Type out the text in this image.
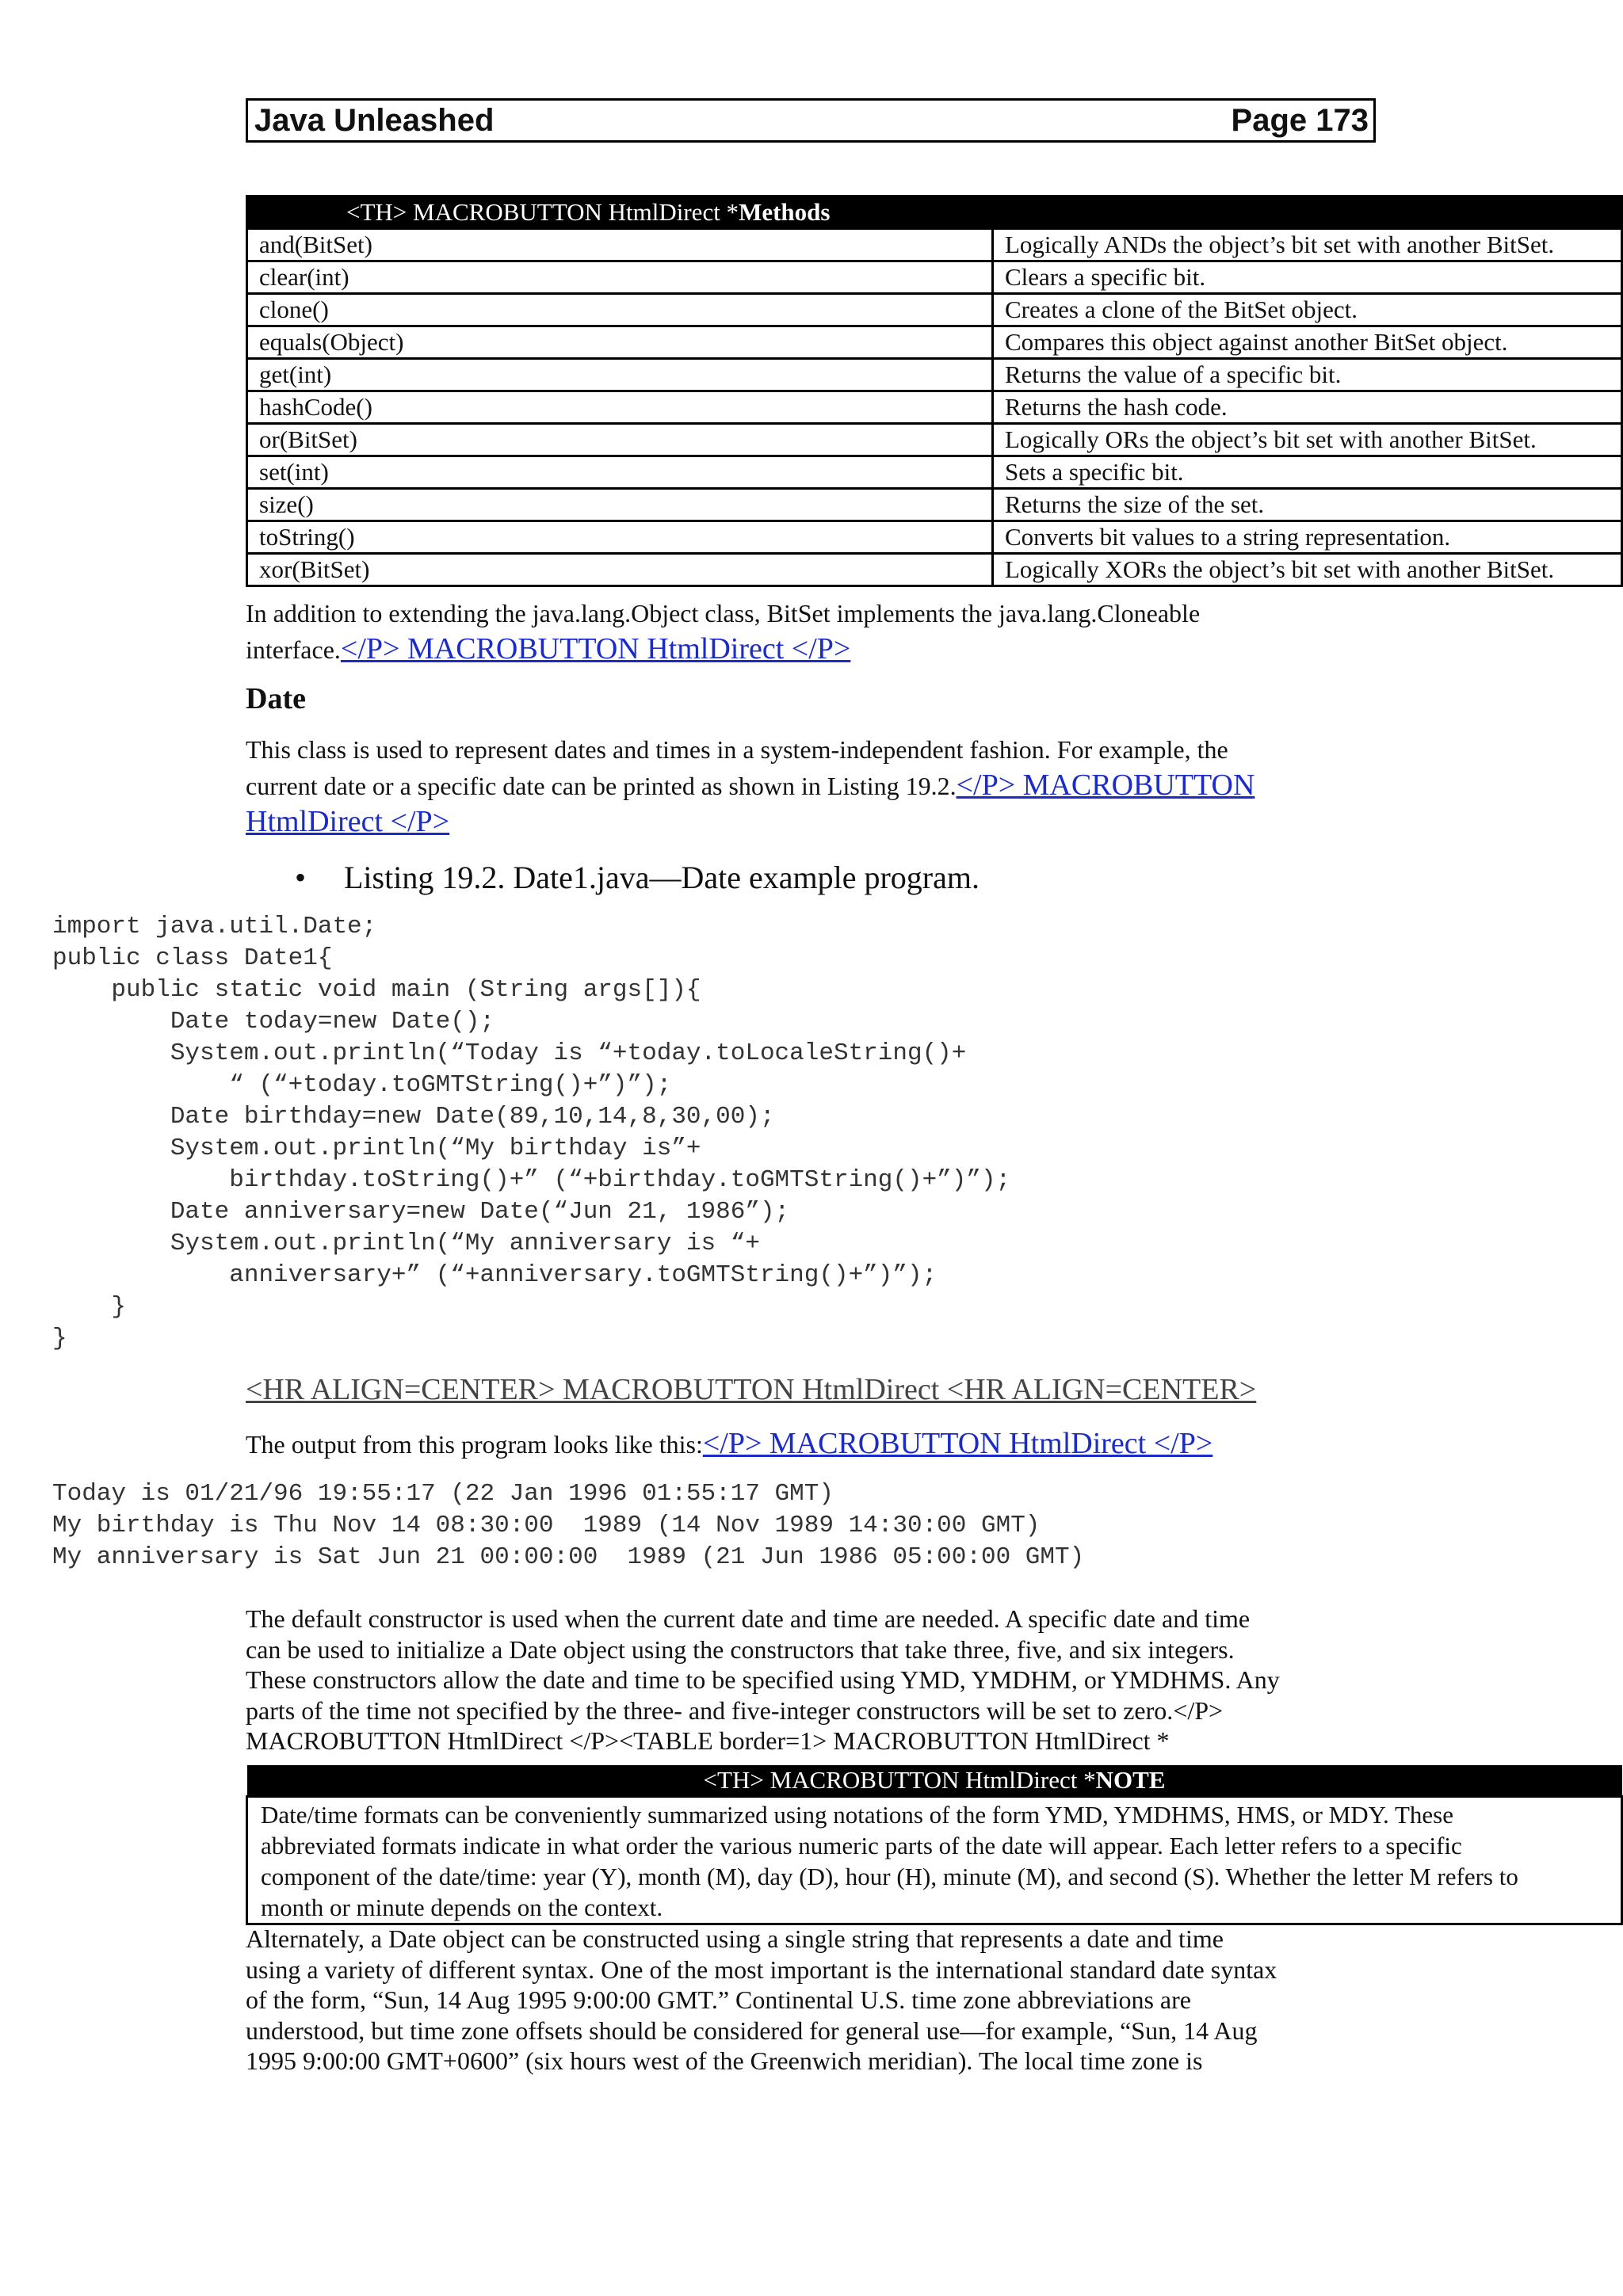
Java Unleashed	Page 173
<TH> MACROBUTTON HtmlDirect *Methods	
and(BitSet)	Logically ANDs the object’s bit set with another BitSet.
clear(int)	Clears a specific bit.
clone()	Creates a clone of the BitSet object.
equals(Object)	Compares this object against another BitSet object.
get(int)	Returns the value of a specific bit.
hashCode()	Returns the hash code.
or(BitSet)	Logically ORs the object’s bit set with another BitSet.
set(int)	Sets a specific bit.
size()	Returns the size of the set.
toString()	Converts bit values to a string representation.
xor(BitSet)	Logically XORs the object’s bit set with another BitSet.
In addition to extending the java.lang.Object class, BitSet implements the java.lang.Cloneable
interface.</P> MACROBUTTON HtmlDirect </P>
Date
This class is used to represent dates and times in a system-independent fashion. For example, the
current date or a specific date can be printed as shown in Listing 19.2.</P> MACROBUTTON
HtmlDirect </P>
• Listing 19.2. Date1.java—Date example program.
import java.util.Date;
public class Date1{
public static void main (String args[]){
Date today=new Date();
System.out.println(“Today is “+today.toLocaleString()+
“ (“+today.toGMTString()+”)”);
Date birthday=new Date(89,10,14,8,30,00);
System.out.println(“My birthday is”+
birthday.toString()+” (“+birthday.toGMTString()+”)”);
Date anniversary=new Date(“Jun 21, 1986”);
System.out.println(“My anniversary is “+
anniversary+” (“+anniversary.toGMTString()+”)”);
}
}
<HR ALIGN=CENTER> MACROBUTTON HtmlDirect <HR ALIGN=CENTER>
The output from this program looks like this:</P> MACROBUTTON HtmlDirect </P>
Today is 01/21/96 19:55:17 (22 Jan 1996 01:55:17 GMT)
My birthday is Thu Nov 14 08:30:00  1989 (14 Nov 1989 14:30:00 GMT)
My anniversary is Sat Jun 21 00:00:00  1989 (21 Jun 1986 05:00:00 GMT)
The default constructor is used when the current date and time are needed. A specific date and time
can be used to initialize a Date object using the constructors that take three, five, and six integers.
These constructors allow the date and time to be specified using YMD, YMDHM, or YMDHMS. Any
parts of the time not specified by the three- and five-integer constructors will be set to zero.</P>
MACROBUTTON HtmlDirect </P><TABLE border=1> MACROBUTTON HtmlDirect *
<TH> MACROBUTTON HtmlDirect *NOTE

Date/time formats can be conveniently summarized using notations of the form YMD, YMDHMS, HMS, or MDY. These
abbreviated formats indicate in what order the various numeric parts of the date will appear. Each letter refers to a specific
component of the date/time: year (Y), month (M), day (D), hour (H), minute (M), and second (S). Whether the letter M refers to
month or minute depends on the context.
Alternately, a Date object can be constructed using a single string that represents a date and time
using a variety of different syntax. One of the most important is the international standard date syntax
of the form, “Sun, 14 Aug 1995 9:00:00 GMT.” Continental U.S. time zone abbreviations are
understood, but time zone offsets should be considered for general use—for example, “Sun, 14 Aug
1995 9:00:00 GMT+0600” (six hours west of the Greenwich meridian). The local time zone is
